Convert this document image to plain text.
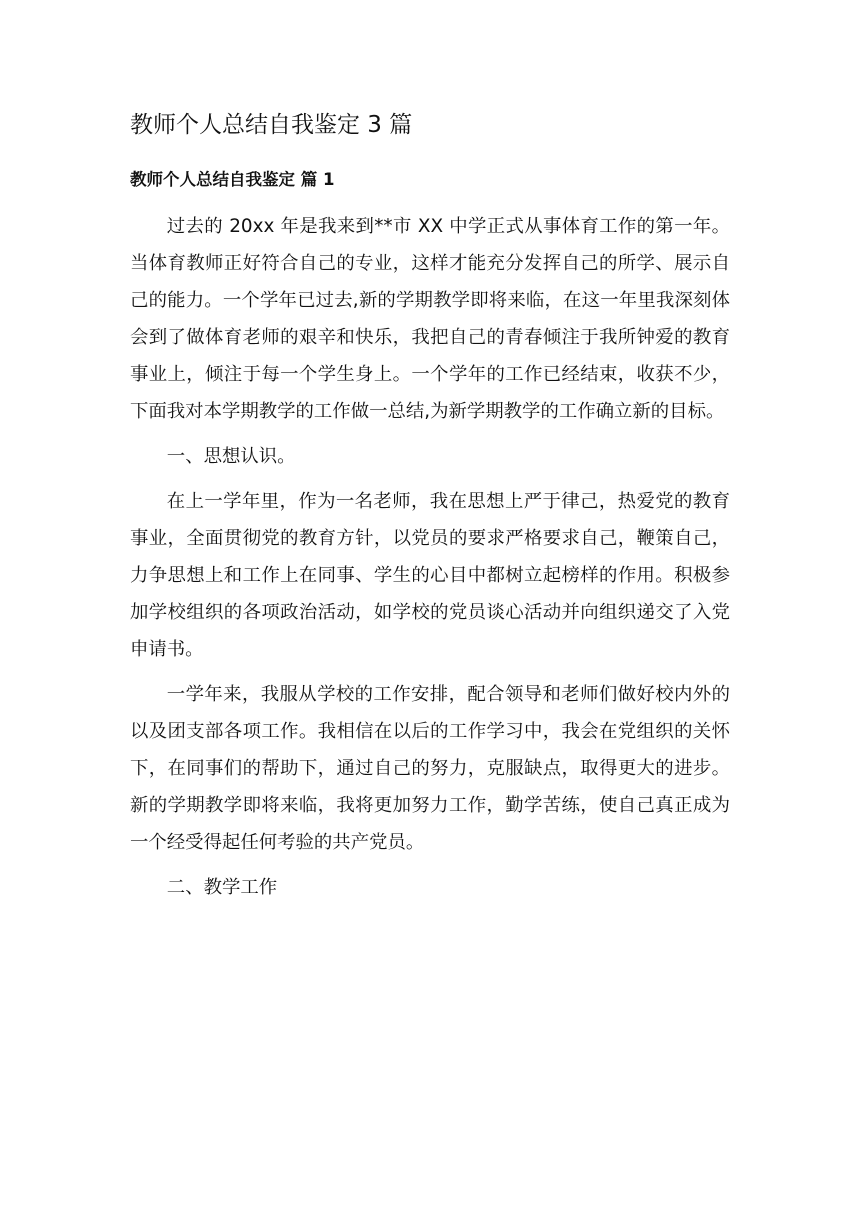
教师个人总结自我鉴定 3 篇
教师个人总结自我鉴定 篇 1

过去的 20xx 年是我来到**市 XX 中学正式从事体育工作的第一年。当体育教师正好符合自己的专业，这样才能充分发挥自己的所学、展示自己的能力。一个学年已过去,新的学期教学即将来临，在这一年里我深刻体会到了做体育老师的艰辛和快乐，我把自己的青春倾注于我所钟爱的教育事业上，倾注于每一个学生身上。一个学年的工作已经结束，收获不少，下面我对本学期教学的工作做一总结,为新学期教学的工作确立新的目标。

一、思想认识。

在上一学年里，作为一名老师，我在思想上严于律己，热爱党的教育事业，全面贯彻党的教育方针，以党员的要求严格要求自己，鞭策自己，力争思想上和工作上在同事、学生的心目中都树立起榜样的作用。积极参加学校组织的各项政治活动，如学校的党员谈心活动并向组织递交了入党申请书。

一学年来，我服从学校的工作安排，配合领导和老师们做好校内外的以及团支部各项工作。我相信在以后的工作学习中，我会在党组织的关怀下，在同事们的帮助下，通过自己的努力，克服缺点，取得更大的进步。新的学期教学即将来临，我将更加努力工作，勤学苦练，使自己真正成为一个经受得起任何考验的共产党员。

二、教学工作
